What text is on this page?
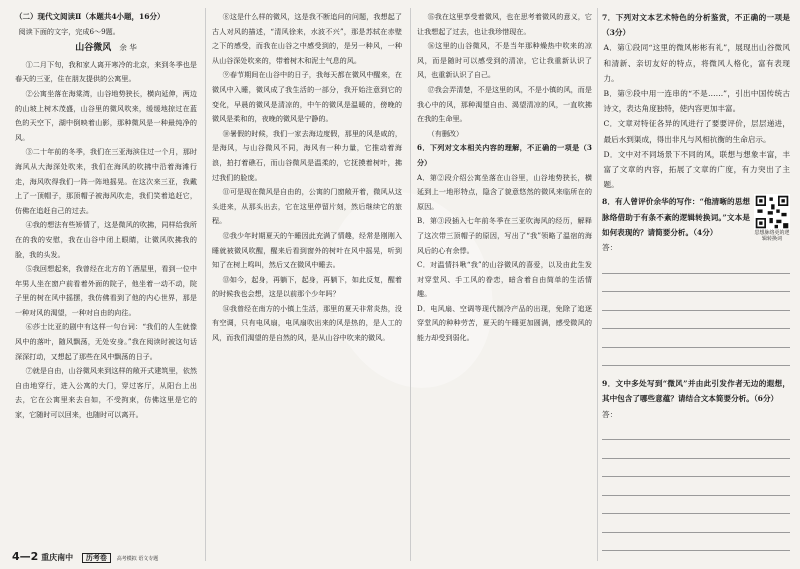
（二）现代文阅读Ⅱ（本题共4小题，16分）

阅读下面的文字，完成6～9题。

山谷微风 余 华

①二月下旬，我和家人离开寒冷的北京，来到冬季也是春天的三亚，住在朋友提供的公寓里。

②公寓坐落在海棠湾，山谷地势狭长，横向延伸，两边的山坡上树木茂盛，山谷里的微风吹来，缓缓地掠过在蓝色的天空下，湖中倒映着山影，那种微风是一种最纯净的风。

③二十年前的冬季，我们在三亚海滨住过一个月，那时海风从大海深处吹来，我们在海风的吹拂中沿着海滩行走，海风吹得我们一阵一阵地摇晃。在这次来三亚，我戴上了一顶帽子，那顶帽子被海风吹走，我们笑着追赶它，仿佛在追赶自己的过去。

④我的想法有些矫情了，这是微风的吹拂，同样给我所在的我的安慰，我在山谷中闭上眼睛，让微风吹拂我的脸，我的头发。

⑤我回想起来，我曾经在北方的丫酒屋里，看到一位中年男人坐在窗户前看着外面的院子，他坐着一动不动，院子里的树在风中摇摆，我仿佛看到了他的内心世界，那是一种对风的渴望，一种对自由的向往。

⑥莎士比亚的剧中有这样一句台词：“我们的人生就像风中的落叶，随风飘荡，无处安身。”我在阅读时被这句话深深打动，又想起了那些在风中飘荡的日子。

⑦就是自由，山谷微风来到这样的敞开式建筑里，依然自由地穿行，进入公寓的大门，穿过客厅，从阳台上出去，它在公寓里来去自如，不受拘束，仿佛这里是它的家，它随时可以回来，也随时可以离开。

⑧这是什么样的微风，这是我不断追问的问题，我想起了古人对风的描述，“清风徐来，水波不兴”，那是苏轼在赤壁之下的感受，而我在山谷之中感受到的，是另一种风，一种从山谷深处吹来的，带着树木和泥土气息的风。

⑨春节期间在山谷中的日子，我每天都在微风中醒来，在微风中入睡，微风成了我生活的一部分，我开始注意到它的变化，早晨的微风是清凉的，中午的微风是温暖的，傍晚的微风是柔和的，夜晚的微风是宁静的。

⑩暑假的时候，我们一家去海边度假，那里的风是咸的，是海风，与山谷微风不同，海风有一种力量，它推动着海浪，拍打着礁石，而山谷微风是温柔的，它抚摸着树叶，拂过我们的脸庞。

⑪可是现在微风是自由的，公寓的门窗敞开着，微风从这头进来，从那头出去，它在这里停留片刻，然后继续它的旅程。

⑫我少年时期夏天的午睡因此充满了情趣，经常是刚刚入睡就被微风吹醒，醒来后看到窗外的树叶在风中摇晃，听到知了在树上鸣叫，然后又在微风中睡去。

⑬如今，起身，再躺下，起身，再躺下，如此反复，醒着的时候我也会想，这是以前那个少年吗？

⑭我曾经在南方的小镇上生活，那里的夏天非常炎热，没有空调，只有电风扇，电风扇吹出来的风是热的，是人工的风，而我们渴望的是自然的风，是从山谷中吹来的微风。

⑮我在这里享受着微风，也在思考着微风的意义，它让我想起了过去，也让我珍惜现在。

⑯这里的山谷微风，不是当年那种燥热中吹来的凉风，而是随时可以感受到的清凉，它让我重新认识了风，也重新认识了自己。

⑰我会弄清楚，不是这里的风，不是小镇的风，而是我心中的风，那种渴望自由、渴望清凉的风，一直吹拂在我的生命里。

（有删改）

6．下列对文本相关内容的理解，不正确的一项是（3分）

A．第②段介绍公寓坐落在山谷里，山谷地势狭长，横延到上一地形特点，隐含了貌意悠然的微风来临所在的原因。

B．第③段插入七年前冬季在三亚吹海风的经历，解释了这次带三顶帽子的原因，写出了“我”领略了温宿的海风后的心有余悸。

C．对温情抖啾“我”的山谷微风的喜爱，以及由此生发对穿堂风、手工风的眷恋，暗含着自由简单的生活情趣。

D．电风扇、空调等现代制冷产品的出现，免除了追逐穿堂风的种种劳苦，夏天的午睡更加圆满，感受微风的能力却受到弱化。

7．下列对文本艺术特色的分析鉴赏，不正确的一项是（3分）

A．第①段同“这里的微风彬彬有礼”，展现出山谷微风和清新、亲切友好的特点，将微风人格化，富有表现力。

B．第⑨段中用一连串的“不是……”，引出中国传统古诗文，表达角度独特，使内容更加丰富。

C．文章对特征各异的风进行了要要评价，层层递进，最后水到渠成，得出非凡与风相抗衡的生命启示。

D．文中对不同场景下不同的风，联想与想象丰富，丰富了文章的内容，拓展了文章的广度，有力突出了主题。

思想脉络更的逻辑转换词

8．有人曾评价余华的写作：“他清晰的思想脉络借助于有条不紊的逻辑转换词。”文本是如何表现的？请简要分析。（4分）

答：

9．文中多处写到“微风”并由此引发作者无边的遐想，其中包含了哪些意蕴？请结合文本简要分析。（6分）

答：

4—2 重庆南中 历考卷 高考模拟 语文专题
